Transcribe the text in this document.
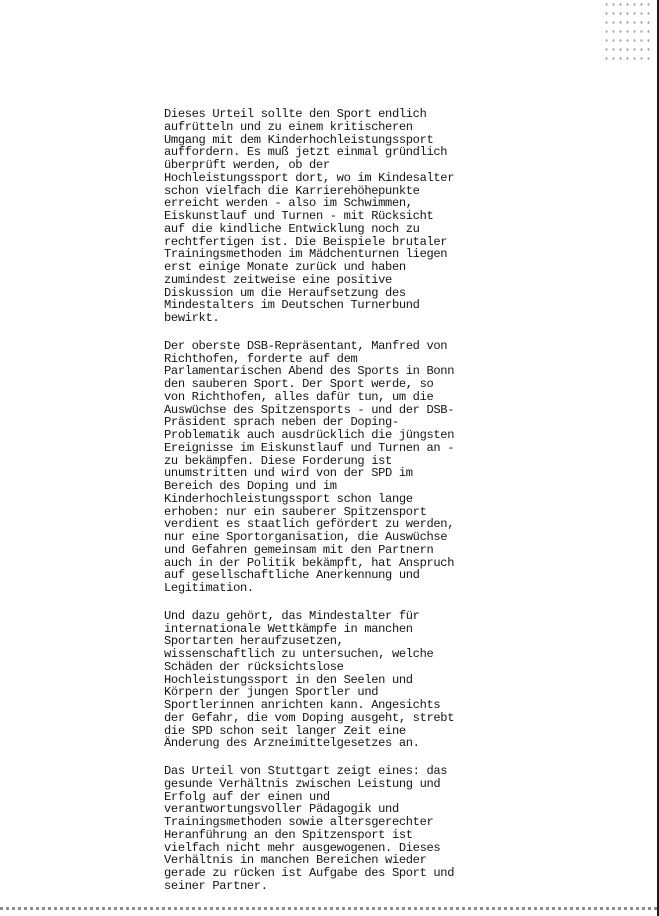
Dieses Urteil sollte den Sport endlich
aufrütteln und zu einem kritischeren
Umgang mit dem Kinderhochleistungssport
auffordern. Es muß jetzt einmal gründlich
überprüft werden, ob der
Hochleistungssport dort, wo im Kindesalter
schon vielfach die Karrierehöhepunkte
erreicht werden - also im Schwimmen,
Eiskunstlauf und Turnen - mit Rücksicht
auf die kindliche Entwicklung noch zu
rechtfertigen ist. Die Beispiele brutaler
Trainingsmethoden im Mädchenturnen liegen
erst einige Monate zurück und haben
zumindest zeitweise eine positive
Diskussion um die Heraufsetzung des
Mindestalters im Deutschen Turnerbund
bewirkt.
Der oberste DSB-Repräsentant, Manfred von
Richthofen, forderte auf dem
Parlamentarischen Abend des Sports in Bonn
den sauberen Sport. Der Sport werde, so
von Richthofen, alles dafür tun, um die
Auswüchse des Spitzensports - und der DSB-
Präsident sprach neben der Doping-
Problematik auch ausdrücklich die jüngsten
Ereignisse im Eiskunstlauf und Turnen an -
zu bekämpfen. Diese Forderung ist
unumstritten und wird von der SPD im
Bereich des Doping und im
Kinderhochleistungssport schon lange
erhoben: nur ein sauberer Spitzensport
verdient es staatlich gefördert zu werden,
nur eine Sportorganisation, die Auswüchse
und Gefahren gemeinsam mit den Partnern
auch in der Politik bekämpft, hat Anspruch
auf gesellschaftliche Anerkennung und
Legitimation.
Und dazu gehört, das Mindestalter für
internationale Wettkämpfe in manchen
Sportarten heraufzusetzen,
wissenschaftlich zu untersuchen, welche
Schäden der rücksichtslose
Hochleistungssport in den Seelen und
Körpern der jungen Sportler und
Sportlerinnen anrichten kann. Angesichts
der Gefahr, die vom Doping ausgeht, strebt
die SPD schon seit langer Zeit eine
Änderung des Arzneimittelgesetzes an.
Das Urteil von Stuttgart zeigt eines: das
gesunde Verhältnis zwischen Leistung und
Erfolg auf der einen und
verantwortungsvoller Pädagogik und
Trainingsmethoden sowie altersgerechter
Heranführung an den Spitzensport ist
vielfach nicht mehr ausgewogenen. Dieses
Verhältnis in manchen Bereichen wieder
gerade zu rücken ist Aufgabe des Sport und
seiner Partner.
